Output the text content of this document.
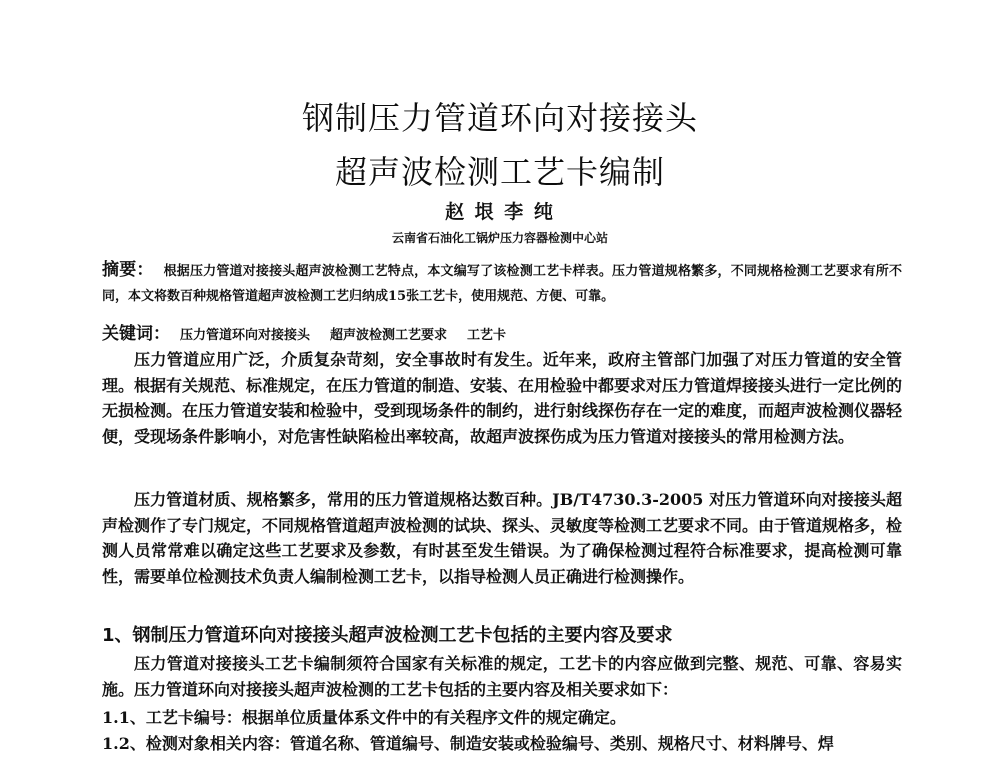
钢制压力管道环向对接接头
超声波检测工艺卡编制
赵 垠 李 纯
云南省石油化工锅炉压力容器检测中心站
摘要： 根据压力管道对接接头超声波检测工艺特点，本文编写了该检测工艺卡样表。压力管道规格繁多，不同规格检测工艺要求有所不同，本文将数百种规格管道超声波检测工艺归纳成15张工艺卡，使用规范、方便、可靠。
关键词： 压力管道环向对接接头 超声波检测工艺要求 工艺卡
压力管道应用广泛，介质复杂苛刻，安全事故时有发生。近年来，政府主管部门加强了对压力管道的安全管理。根据有关规范、标准规定，在压力管道的制造、安装、在用检验中都要求对压力管道焊接接头进行一定比例的无损检测。在压力管道安装和检验中，受到现场条件的制约，进行射线探伤存在一定的难度，而超声波检测仪器轻便，受现场条件影响小，对危害性缺陷检出率较高，故超声波探伤成为压力管道对接接头的常用检测方法。
压力管道材质、规格繁多，常用的压力管道规格达数百种。JB/T4730.3-2005 对压力管道环向对接接头超声检测作了专门规定，不同规格管道超声波检测的试块、探头、灵敏度等检测工艺要求不同。由于管道规格多，检测人员常常难以确定这些工艺要求及参数，有时甚至发生错误。为了确保检测过程符合标准要求，提高检测可靠性，需要单位检测技术负责人编制检测工艺卡，以指导检测人员正确进行检测操作。
1、钢制压力管道环向对接接头超声波检测工艺卡包括的主要内容及要求
压力管道对接接头工艺卡编制须符合国家有关标准的规定，工艺卡的内容应做到完整、规范、可靠、容易实施。压力管道环向对接接头超声波检测的工艺卡包括的主要内容及相关要求如下：
1.1、工艺卡编号：根据单位质量体系文件中的有关程序文件的规定确定。
1.2、检测对象相关内容：管道名称、管道编号、制造安装或检验编号、类别、规格尺寸、材料牌号、焊
